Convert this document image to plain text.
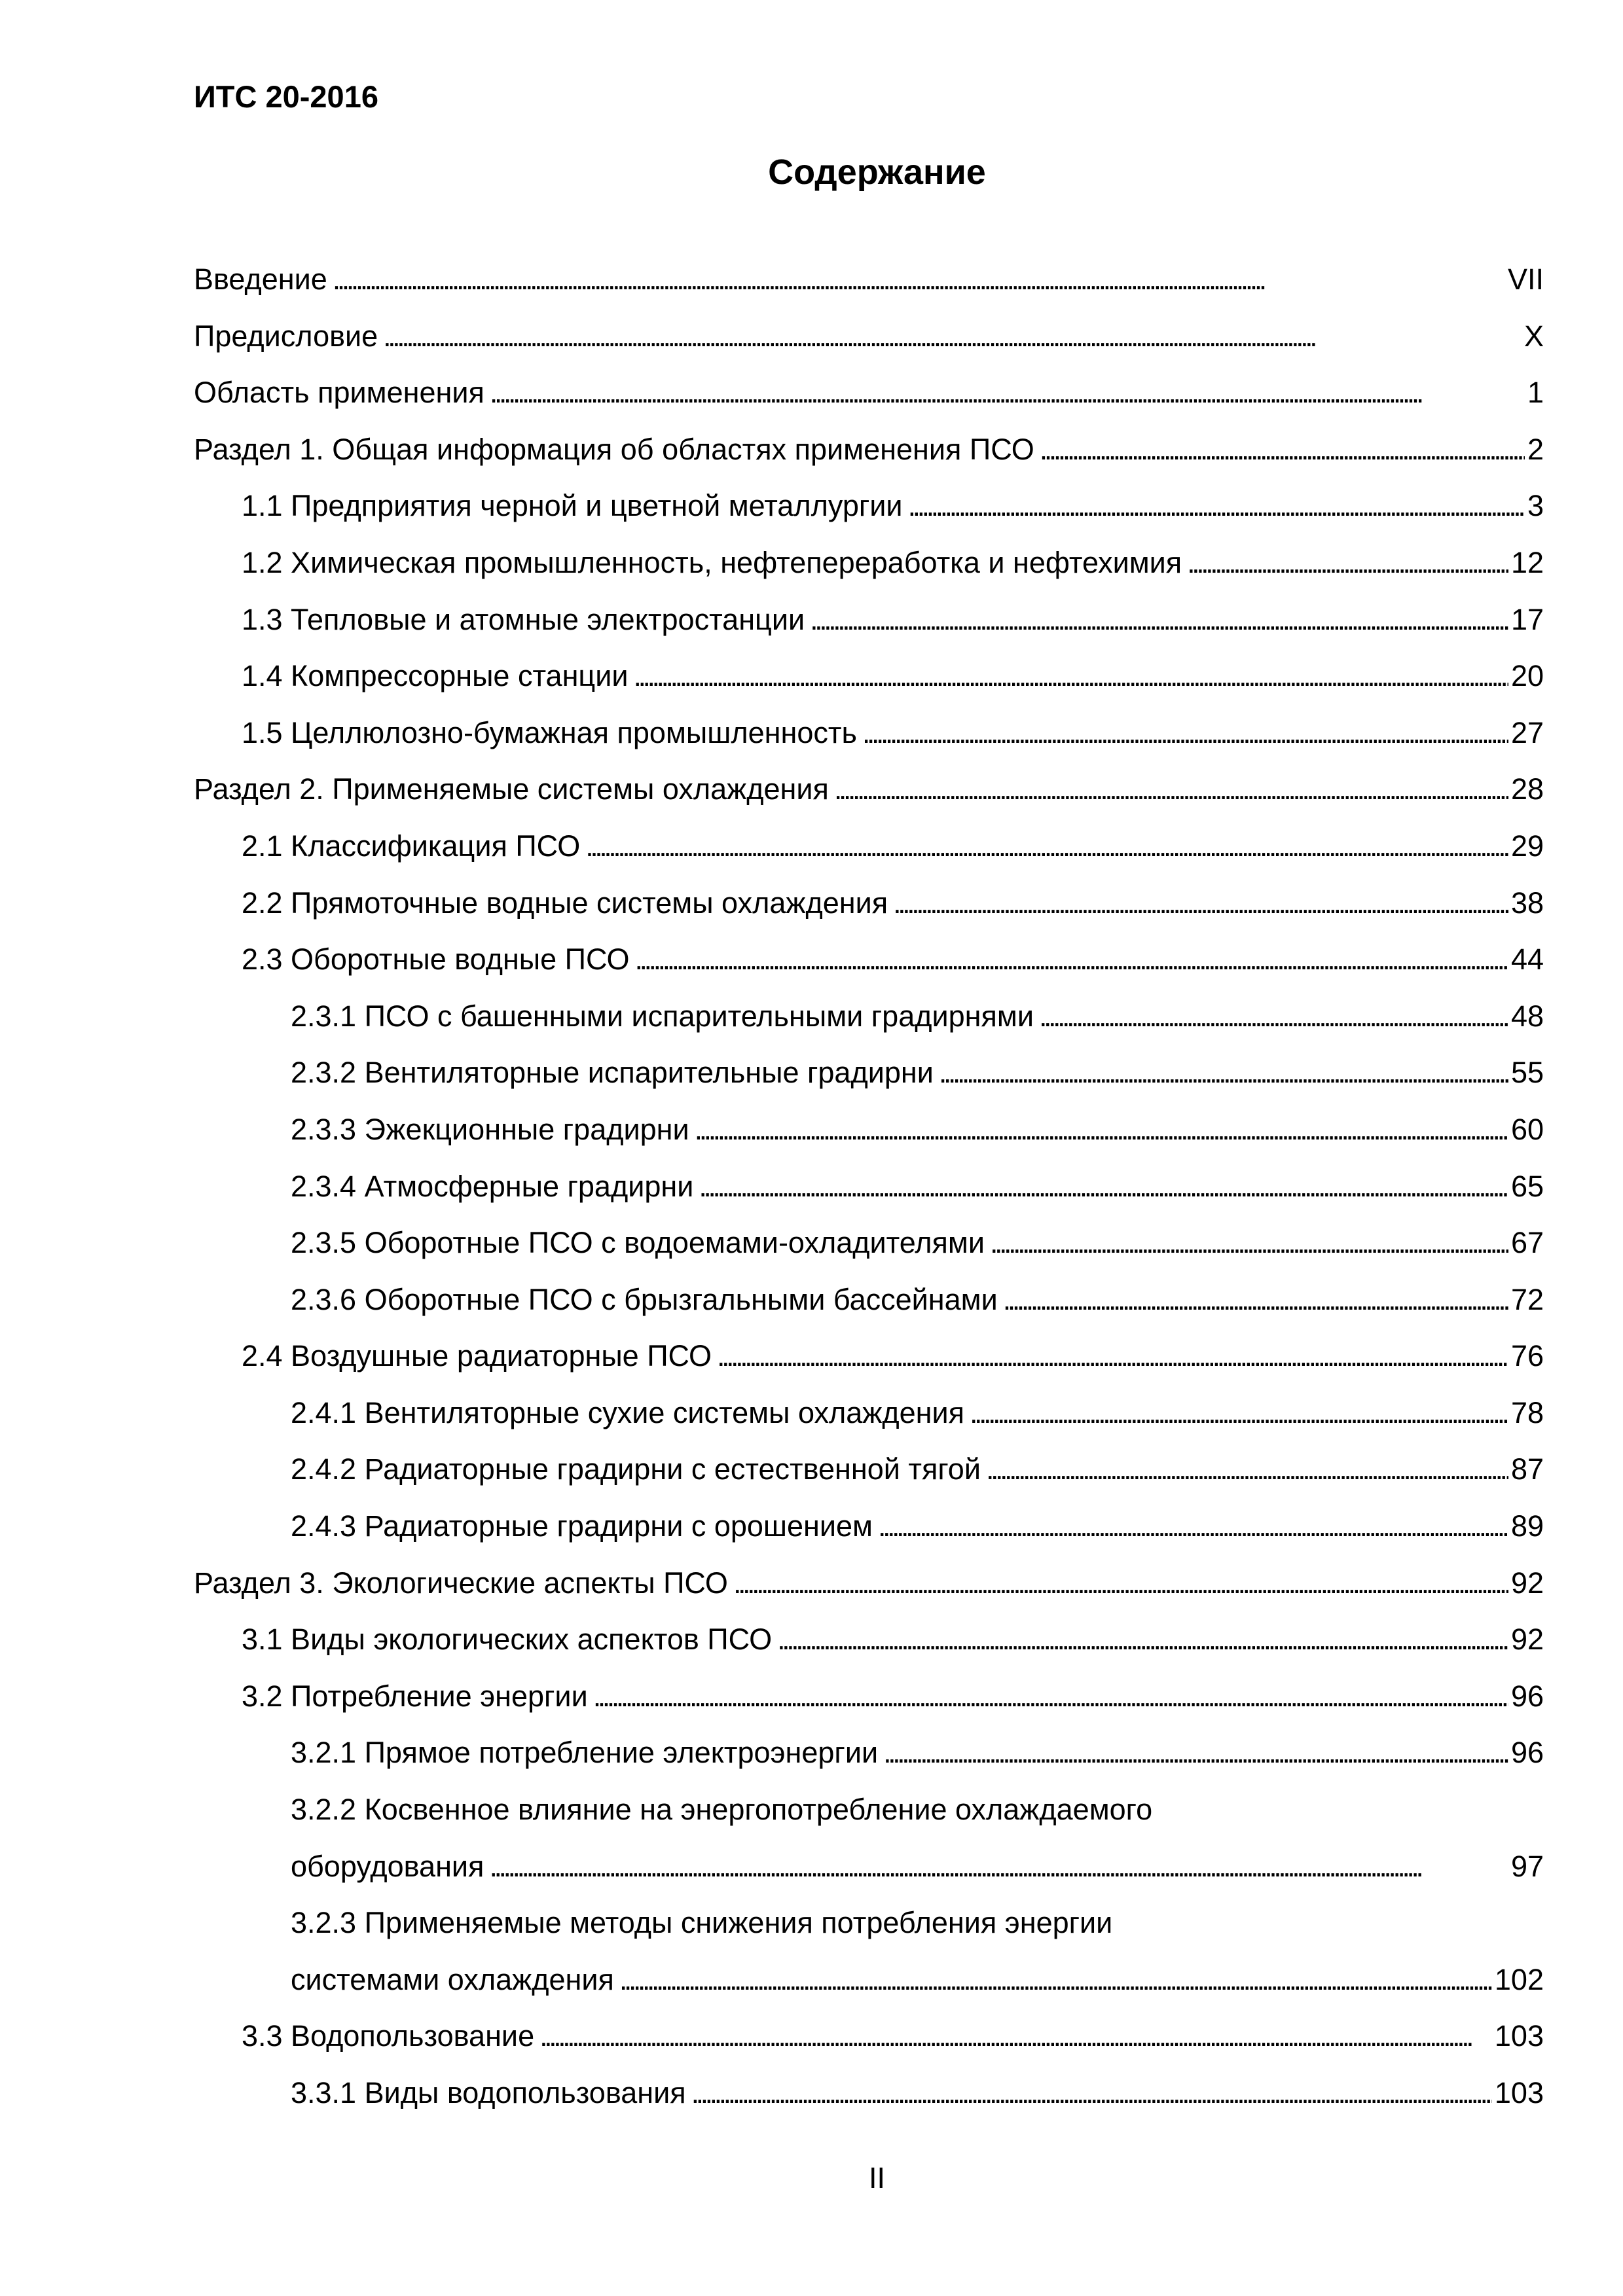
ИТС 20-2016
Содержание
Введение . . .	VII
Предисловие . . .	X
Область применения . . .	1
Раздел 1. Общая информация об областях применения ПСО . . .	2
1.1 Предприятия черной и цветной металлургии . . .	3
1.2 Химическая промышленность, нефтепереработка и нефтехимия . . .	12
1.3 Тепловые и атомные электростанции . . .	17
1.4 Компрессорные станции . . .	20
1.5 Целлюлозно-бумажная промышленность . . .	27
Раздел 2. Применяемые системы охлаждения . . .	28
2.1 Классификация ПСО . . .	29
2.2 Прямоточные водные системы охлаждения . . .	38
2.3 Оборотные водные ПСО . . .	44
2.3.1 ПСО с башенными испарительными градирнями . . .	48
2.3.2 Вентиляторные испарительные градирни . . .	55
2.3.3 Эжекционные градирни . . .	60
2.3.4 Атмосферные градирни . . .	65
2.3.5 Оборотные ПСО с водоемами-охладителями . . .	67
2.3.6 Оборотные ПСО с брызгальными бассейнами . . .	72
2.4 Воздушные радиаторные ПСО . . .	76
2.4.1 Вентиляторные сухие системы охлаждения . . .	78
2.4.2 Радиаторные градирни с естественной тягой . . .	87
2.4.3 Радиаторные градирни с орошением . . .	89
Раздел 3. Экологические аспекты ПСО . . .	92
3.1 Виды экологических аспектов ПСО . . .	92
3.2 Потребление энергии . . .	96
3.2.1 Прямое потребление электроэнергии . . .	96
3.2.2 Косвенное влияние на энергопотребление охлаждаемого
оборудования . . .	97
3.2.3 Применяемые методы снижения потребления энергии
системами охлаждения . . .	102
3.3 Водопользование . . .	103
3.3.1 Виды водопользования . . .	103
II
